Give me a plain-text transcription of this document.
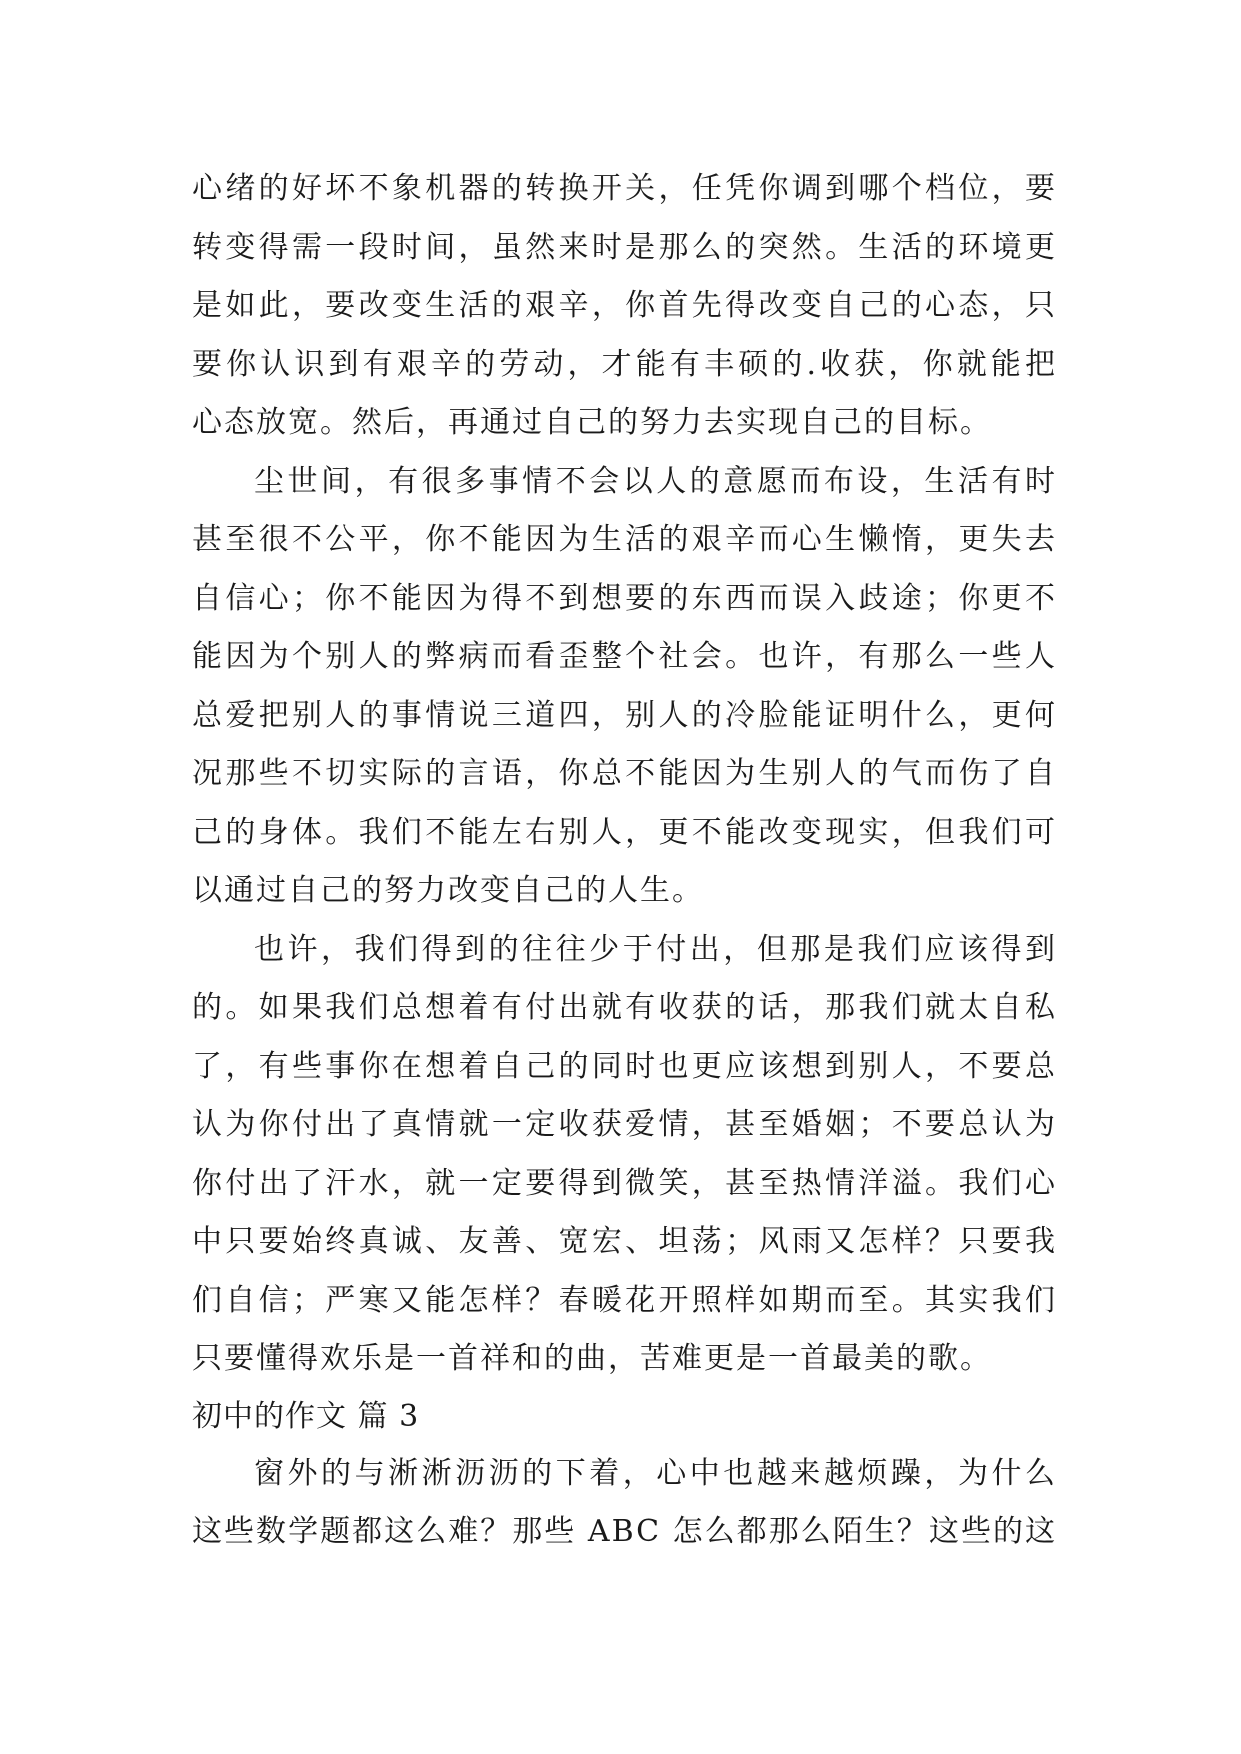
心绪的好坏不象机器的转换开关，任凭你调到哪个档位，要
转变得需一段时间，虽然来时是那么的突然。生活的环境更
是如此，要改变生活的艰辛，你首先得改变自己的心态，只
要你认识到有艰辛的劳动，才能有丰硕的.收获，你就能把
心态放宽。然后，再通过自己的努力去实现自己的目标。
尘世间，有很多事情不会以人的意愿而布设，生活有时
甚至很不公平，你不能因为生活的艰辛而心生懒惰，更失去
自信心；你不能因为得不到想要的东西而误入歧途；你更不
能因为个别人的弊病而看歪整个社会。也许，有那么一些人
总爱把别人的事情说三道四，别人的冷脸能证明什么，更何
况那些不切实际的言语，你总不能因为生别人的气而伤了自
己的身体。我们不能左右别人，更不能改变现实，但我们可
以通过自己的努力改变自己的人生。
也许，我们得到的往往少于付出，但那是我们应该得到
的。如果我们总想着有付出就有收获的话，那我们就太自私
了，有些事你在想着自己的同时也更应该想到别人，不要总
认为你付出了真情就一定收获爱情，甚至婚姻；不要总认为
你付出了汗水，就一定要得到微笑，甚至热情洋溢。我们心
中只要始终真诚、友善、宽宏、坦荡；风雨又怎样？只要我
们自信；严寒又能怎样？春暖花开照样如期而至。其实我们
只要懂得欢乐是一首祥和的曲，苦难更是一首最美的歌。
初中的作文 篇 3
窗外的与淅淅沥沥的下着，心中也越来越烦躁，为什么
这些数学题都这么难？那些 ABC 怎么都那么陌生？这些的这
